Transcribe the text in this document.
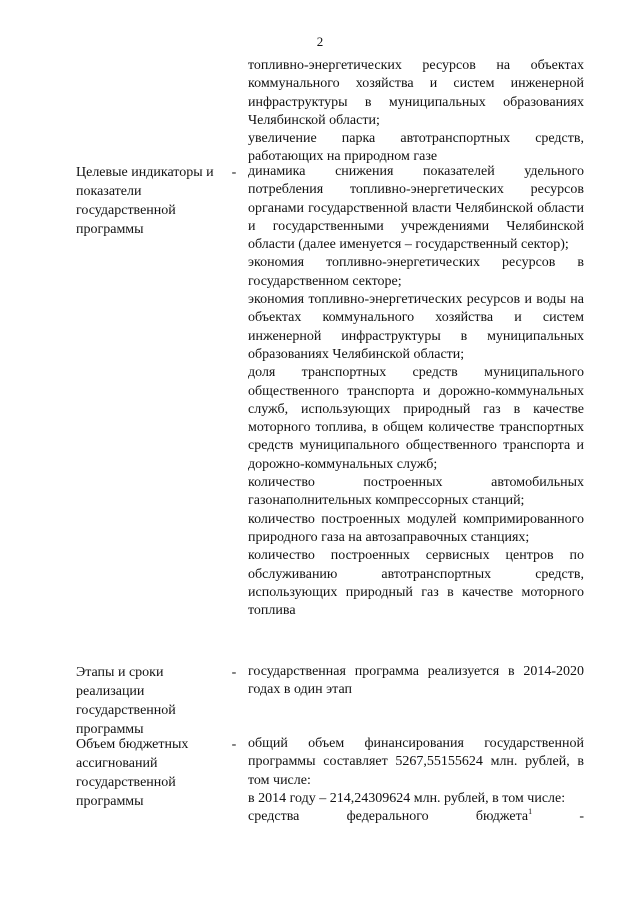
2

топливно-энергетических ресурсов на объектах коммунального хозяйства и систем инженерной инфраструктуры в муниципальных образованиях Челябинской области;

увеличение парка автотранспортных средств, работающих на природном газе

Целевые индикаторы и показатели государственной программы
- динамика снижения показателей удельного потребления топливно-энергетических ресурсов органами государственной власти Челябинской области и государственными учреждениями Челябинской области (далее именуется – государственный сектор);

экономия топливно-энергетических ресурсов в государственном секторе;

экономия топливно-энергетических ресурсов и воды на объектах коммунального хозяйства и систем инженерной инфраструктуры в муниципальных образованиях Челябинской области;

доля транспортных средств муниципального общественного транспорта и дорожно-коммунальных служб, использующих природный газ в качестве моторного топлива, в общем количестве транспортных средств муниципального общественного транспорта и дорожно-коммунальных служб;

количество построенных автомобильных газонаполнительных компрессорных станций;

количество построенных модулей компримированного природного газа на автозаправочных станциях;

количество построенных сервисных центров по обслуживанию автотранспортных средств, использующих природный газ в качестве моторного топлива

Этапы и сроки реализации государственной программы
- государственная программа реализуется в 2014-2020 годах в один этап

Объем бюджетных ассигнований государственной программы
- общий объем финансирования государственной программы составляет 5267,55155624 млн. рублей, в том числе:

в 2014 году – 214,24309624 млн. рублей, в том числе:

средства федерального бюджета$^1$	-
